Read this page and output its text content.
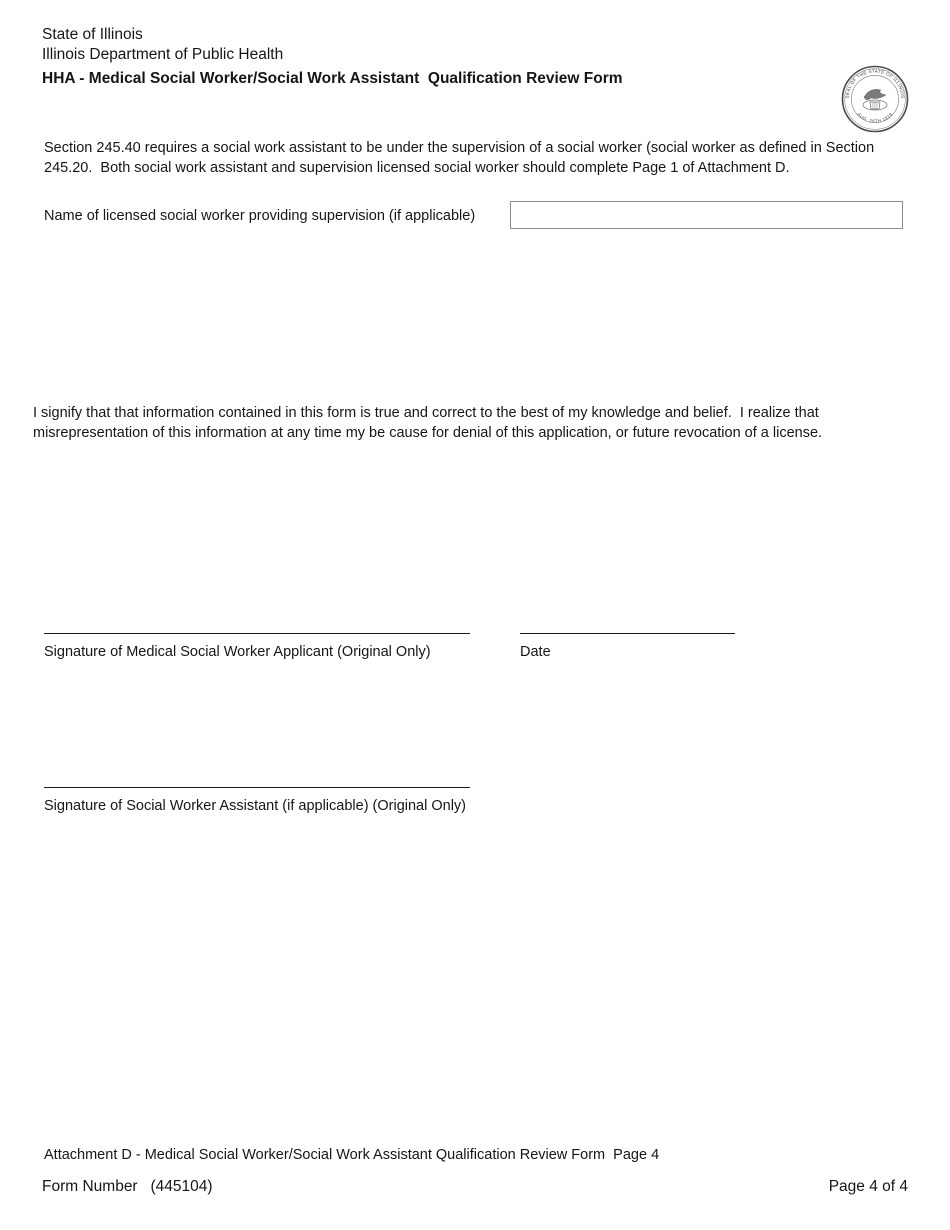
State of Illinois
Illinois Department of Public Health
HHA - Medical Social Worker/Social Work Assistant  Qualification Review Form

SEAL OF THE STATE OF ILLINOIS
AUG. 26TH 1818

Section 245.40 requires a social work assistant to be under the supervision of a social worker (social worker as defined in Section 245.20.  Both social work assistant and supervision licensed social worker should complete Page 1 of Attachment D.
Name of licensed social worker providing supervision (if applicable)
I signify that that information contained in this form is true and correct to the best of my knowledge and belief.  I realize that misrepresentation of this information at any time my be cause for denial of this application, or future revocation of a license.
Signature of Medical Social Worker Applicant (Original Only)	Date
Signature of Social Worker Assistant (if applicable) (Original Only)
Attachment D - Medical Social Worker/Social Work Assistant Qualification Review Form  Page 4
Form Number   (445104)	Page 4 of 4
